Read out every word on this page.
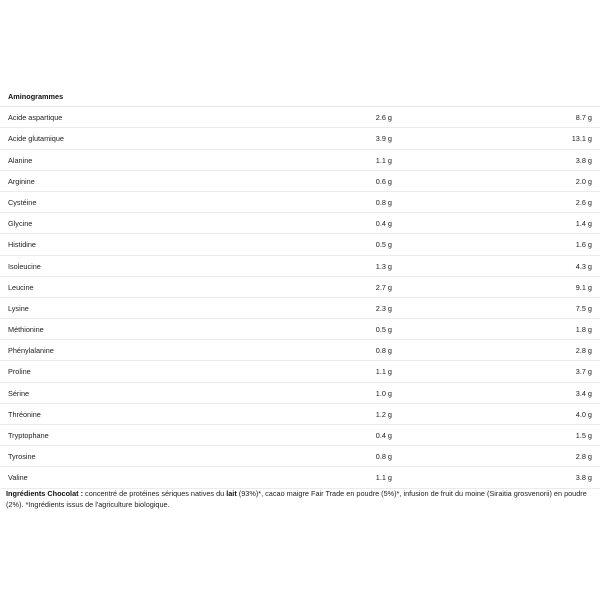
Aminogrammes
Acide aspartique	2.6 g	8.7 g
Acide glutamique	3.9 g	13.1 g
Alanine	1.1 g	3.8 g
Arginine	0.6 g	2.0 g
Cystéine	0.8 g	2.6 g
Glycine	0.4 g	1.4 g
Histidine	0.5 g	1.6 g
Isoleucine	1.3 g	4.3 g
Leucine	2.7 g	9.1 g
Lysine	2.3 g	7.5 g
Méthionine	0.5 g	1.8 g
Phénylalanine	0.8 g	2.8 g
Proline	1.1 g	3.7 g
Sérine	1.0 g	3.4 g
Thréonine	1.2 g	4.0 g
Tryptophane	0.4 g	1.5 g
Tyrosine	0.8 g	2.8 g
Valine	1.1 g	3.8 g
Ingrédients Chocolat : concentré de protéines sériques natives du lait (93%)*, cacao maigre Fair Trade en poudre (5%)*, infusion de fruit du moine (Siraitia grosvenorii) en poudre (2%). *Ingrédients issus de l'agriculture biologique.
